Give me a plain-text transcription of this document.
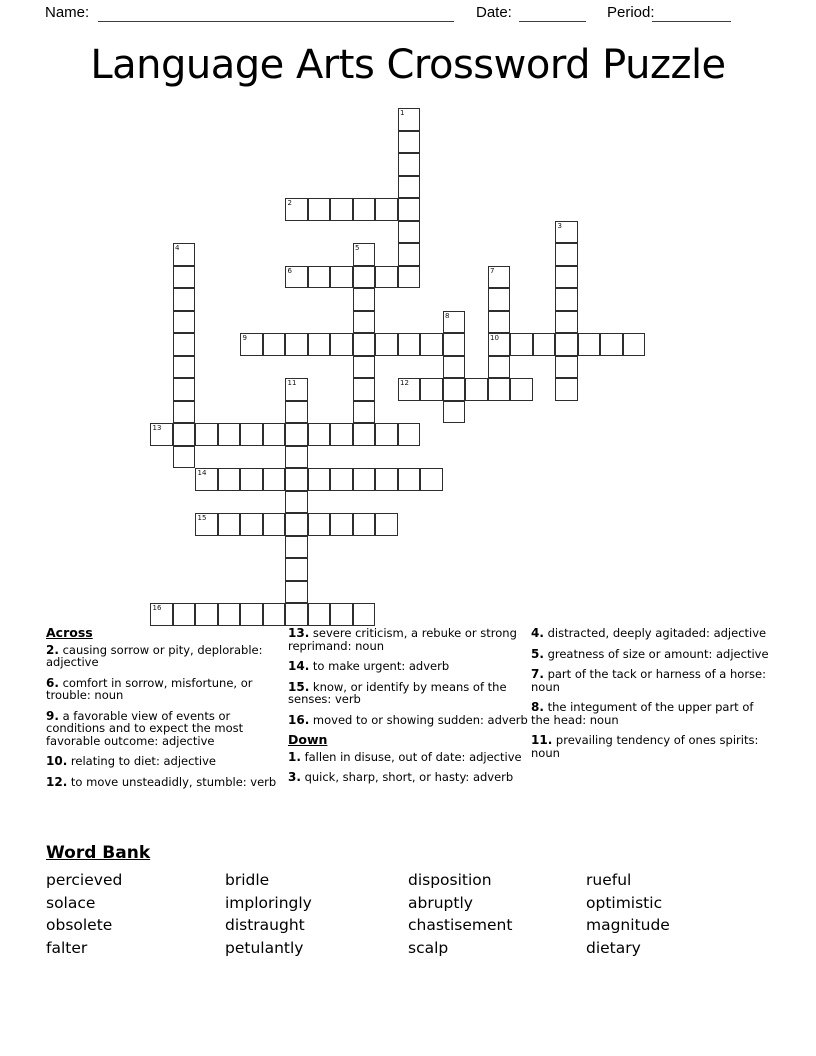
Name:	Date:	Period:
Language Arts Crossword Puzzle
1
2
3
4	5
6	7
10
8
9
11	12
13
14
15
16
Across

2. causing sorrow or pity, deplorable: adjective

6. comfort in sorrow, misfortune, or trouble: noun

9. a favorable view of events or conditions and to expect the most favorable outcome: adjective

10. relating to diet: adjective

12. to move unsteadidly, stumble: verb

13. severe criticism, a rebuke or strong reprimand: noun

14. to make urgent: adverb

15. know, or identify by means of the senses: verb

16. moved to or showing sudden: adverb

Down

1. fallen in disuse, out of date: adjective

3. quick, sharp, short, or hasty: adverb

4. distracted, deeply agitaded: adjective

5. greatness of size or amount: adjective

7. part of the tack or harness of a horse: noun

8. the integument of the upper part of the head: noun

11. prevailing tendency of ones spirits: noun

Word Bank
percieved
solace
obsolete
falter
bridle
imploringly
distraught
petulantly
disposition
abruptly
chastisement
scalp
rueful
optimistic
magnitude
dietary
